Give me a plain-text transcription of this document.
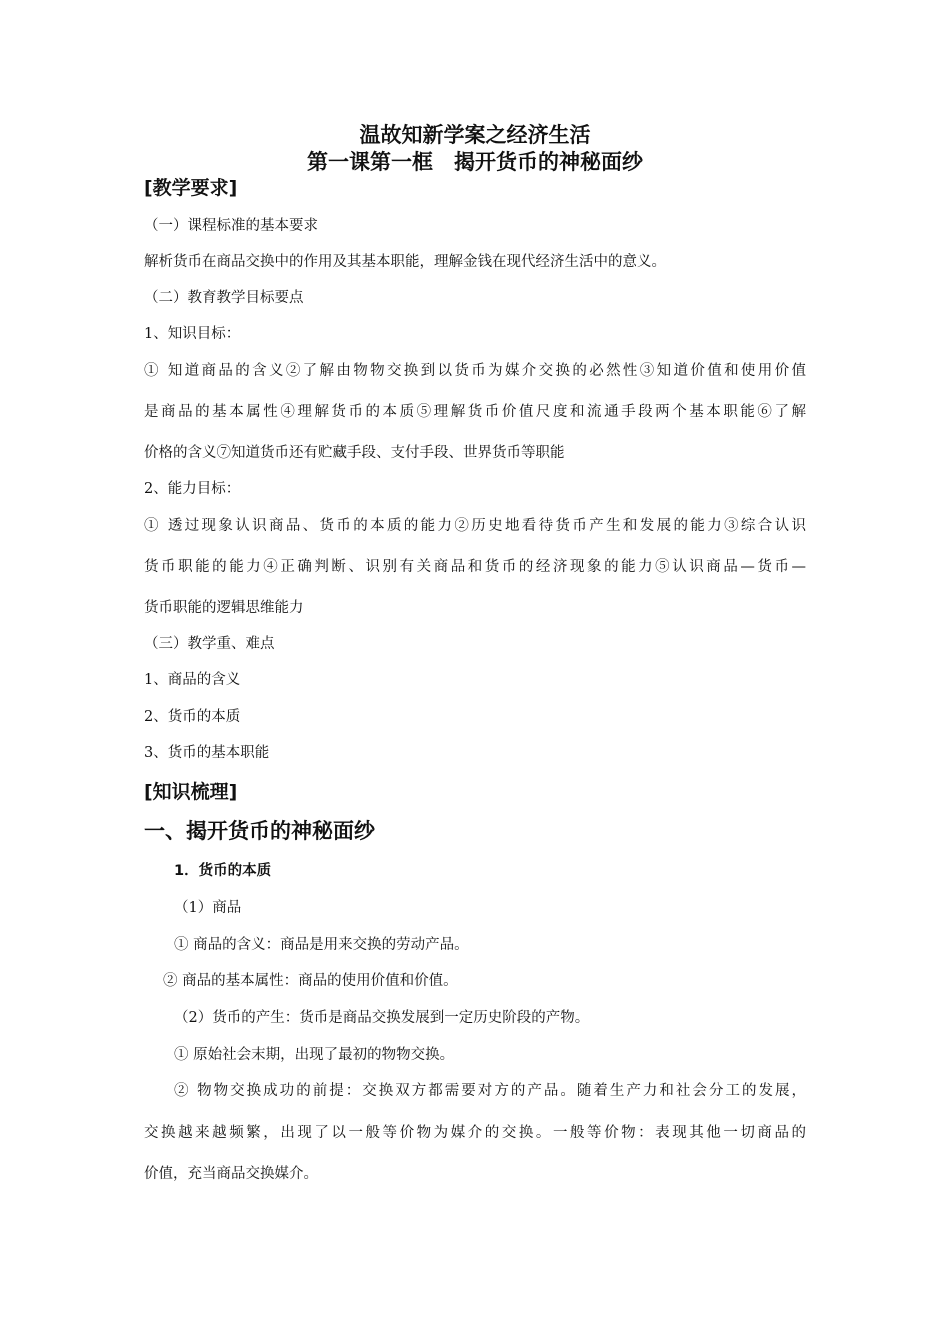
温故知新学案之经济生活
第一课第一框　揭开货币的神秘面纱
[教学要求]
（一）课程标准的基本要求
解析货币在商品交换中的作用及其基本职能，理解金钱在现代经济生活中的意义。
（二）教育教学目标要点
1、知识目标：
① 知道商品的含义②了解由物物交换到以货币为媒介交换的必然性③知道价值和使用价值
是商品的基本属性④理解货币的本质⑤理解货币价值尺度和流通手段两个基本职能⑥了解
价格的含义⑦知道货币还有贮藏手段、支付手段、世界货币等职能
2、能力目标：
① 透过现象认识商品、货币的本质的能力②历史地看待货币产生和发展的能力③综合认识
货币职能的能力④正确判断、识别有关商品和货币的经济现象的能力⑤认识商品—货币—
货币职能的逻辑思维能力
（三）教学重、难点
1、商品的含义
2、货币的本质
3、货币的基本职能
[知识梳理]
一、揭开货币的神秘面纱
1．货币的本质
（1）商品
① 商品的含义：商品是用来交换的劳动产品。
② 商品的基本属性：商品的使用价值和价值。
（2）货币的产生：货币是商品交换发展到一定历史阶段的产物。
① 原始社会末期，出现了最初的物物交换。
② 物物交换成功的前提：交换双方都需要对方的产品。随着生产力和社会分工的发展，
交换越来越频繁，出现了以一般等价物为媒介的交换。一般等价物：表现其他一切商品的
价值，充当商品交换媒介。
